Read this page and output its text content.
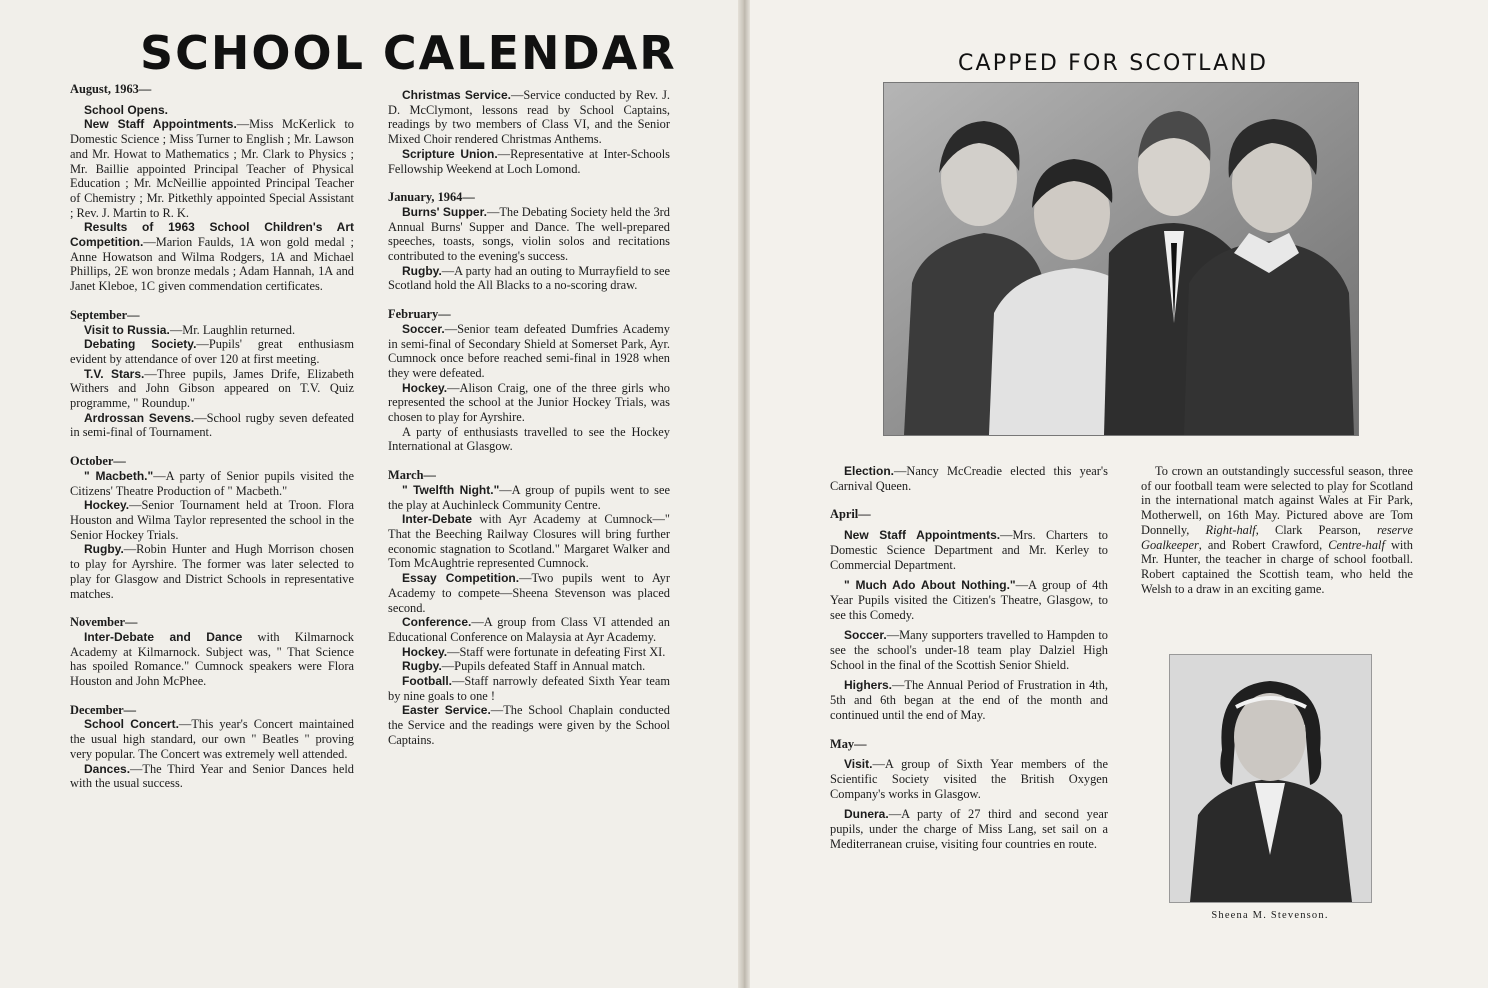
SCHOOL CALENDAR	CAPPED FOR SCOTLAND

August, 1963—

School Opens.

New Staff Appointments.—Miss McKerlick to Domestic Science ; Miss Turner to English ; Mr. Lawson and Mr. Howat to Mathematics ; Mr. Clark to Physics ; Mr. Baillie appointed Principal Teacher of Physical Education ; Mr. McNeillie appointed Principal Teacher of Chemistry ; Mr. Pitkethly appointed Special Assistant ; Rev. J. Martin to R. K.

Results of 1963 School Children's Art Competition.—Marion Faulds, 1A won gold medal ; Anne Howatson and Wilma Rodgers, 1A and Michael Phillips, 2E won bronze medals ; Adam Hannah, 1A and Janet Kleboe, 1C given commendation certificates.

September—

Visit to Russia.—Mr. Laughlin returned.

Debating Society.—Pupils' great enthusiasm evident by attendance of over 120 at first meeting.

T.V. Stars.—Three pupils, James Drife, Elizabeth Withers and John Gibson appeared on T.V. Quiz programme, " Roundup."

Ardrossan Sevens.—School rugby seven defeated in semi-final of Tournament.

October—

" Macbeth."—A party of Senior pupils visited the Citizens' Theatre Production of " Macbeth."

Hockey.—Senior Tournament held at Troon. Flora Houston and Wilma Taylor represented the school in the Senior Hockey Trials.

Rugby.—Robin Hunter and Hugh Morrison chosen to play for Ayrshire. The former was later selected to play for Glasgow and District Schools in representative matches.

November—

Inter-Debate and Dance with Kilmarnock Academy at Kilmarnock. Subject was, " That Science has spoiled Romance." Cumnock speakers were Flora Houston and John McPhee.

December—

School Concert.—This year's Concert maintained the usual high standard, our own " Beatles " proving very popular. The Concert was extremely well attended.

Dances.—The Third Year and Senior Dances held with the usual success.

Christmas Service.—Service conducted by Rev. J. D. McClymont, lessons read by School Captains, readings by two members of Class VI, and the Senior Mixed Choir rendered Christmas Anthems.

Scripture Union.—Representative at Inter-Schools Fellowship Weekend at Loch Lomond.

January, 1964—

Burns' Supper.—The Debating Society held the 3rd Annual Burns' Supper and Dance. The well-prepared speeches, toasts, songs, violin solos and recitations contributed to the evening's success.

Rugby.—A party had an outing to Murrayfield to see Scotland hold the All Blacks to a no-scoring draw.

February—

Soccer.—Senior team defeated Dumfries Academy in semi-final of Secondary Shield at Somerset Park, Ayr. Cumnock once before reached semi-final in 1928 when they were defeated.

Hockey.—Alison Craig, one of the three girls who represented the school at the Junior Hockey Trials, was chosen to play for Ayrshire.

A party of enthusiasts travelled to see the Hockey International at Glasgow.

March—

" Twelfth Night."—A group of pupils went to see the play at Auchinleck Community Centre.

Inter-Debate with Ayr Academy at Cumnock—" That the Beeching Railway Closures will bring further economic stagnation to Scotland." Margaret Walker and Tom McAughtrie represented Cumnock.

Essay Competition.—Two pupils went to Ayr Academy to compete—Sheena Stevenson was placed second.

Conference.—A group from Class VI attended an Educational Conference on Malaysia at Ayr Academy.

Hockey.—Staff were fortunate in defeating First XI.

Rugby.—Pupils defeated Staff in Annual match.

Football.—Staff narrowly defeated Sixth Year team by nine goals to one !

Easter Service.—The School Chaplain conducted the Service and the readings were given by the School Captains.

Election.—Nancy McCreadie elected this year's Carnival Queen.

April—

New Staff Appointments.—Mrs. Charters to Domestic Science Department and Mr. Kerley to Commercial Department.

" Much Ado About Nothing."—A group of 4th Year Pupils visited the Citizen's Theatre, Glasgow, to see this Comedy.

Soccer.—Many supporters travelled to Hampden to see the school's under-18 team play Dalziel High School in the final of the Scottish Senior Shield.

Highers.—The Annual Period of Frustration in 4th, 5th and 6th began at the end of the month and continued until the end of May.

May—

Visit.—A group of Sixth Year members of the Scientific Society visited the British Oxygen Company's works in Glasgow.

Dunera.—A party of 27 third and second year pupils, under the charge of Miss Lang, set sail on a Mediterranean cruise, visiting four countries en route.

To crown an outstandingly successful season, three of our football team were selected to play for Scotland in the international match against Wales at Fir Park, Motherwell, on 16th May. Pictured above are Tom Donnelly, Right-half, Clark Pearson, reserve Goalkeeper, and Robert Crawford, Centre-half with Mr. Hunter, the teacher in charge of school football. Robert captained the Scottish team, who held the Welsh to a draw in an exciting game.

Sheena M. Stevenson.
